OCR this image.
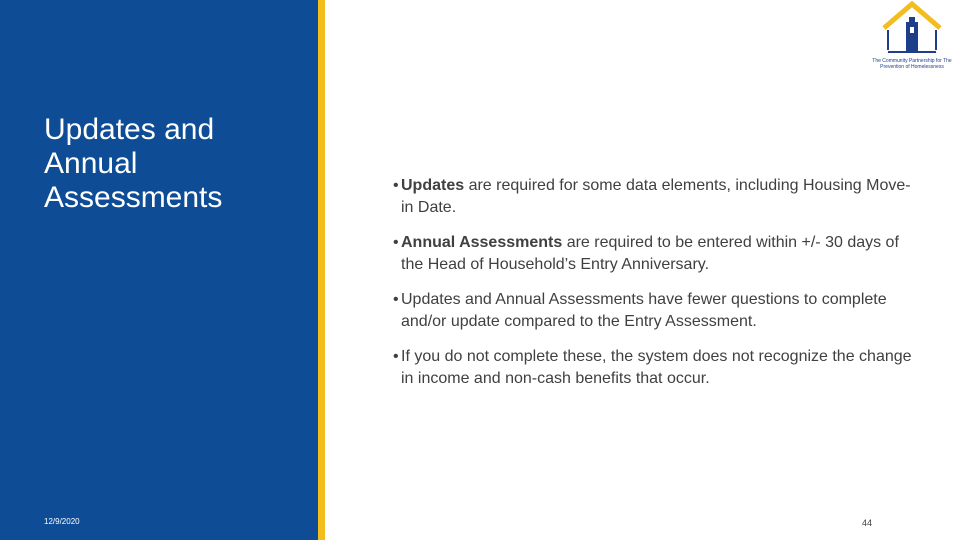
Updates and Annual Assessments
12/9/2020
The Community Partnership for The Prevention of Homelessness
• Updates are required for some data elements, including Housing Move-in Date.
• Annual Assessments are required to be entered within +/- 30 days of the Head of Household’s Entry Anniversary.
• Updates and Annual Assessments have fewer questions to complete and/or update compared to the Entry Assessment.
• If you do not complete these, the system does not recognize the change in income and non-cash benefits that occur.
44
